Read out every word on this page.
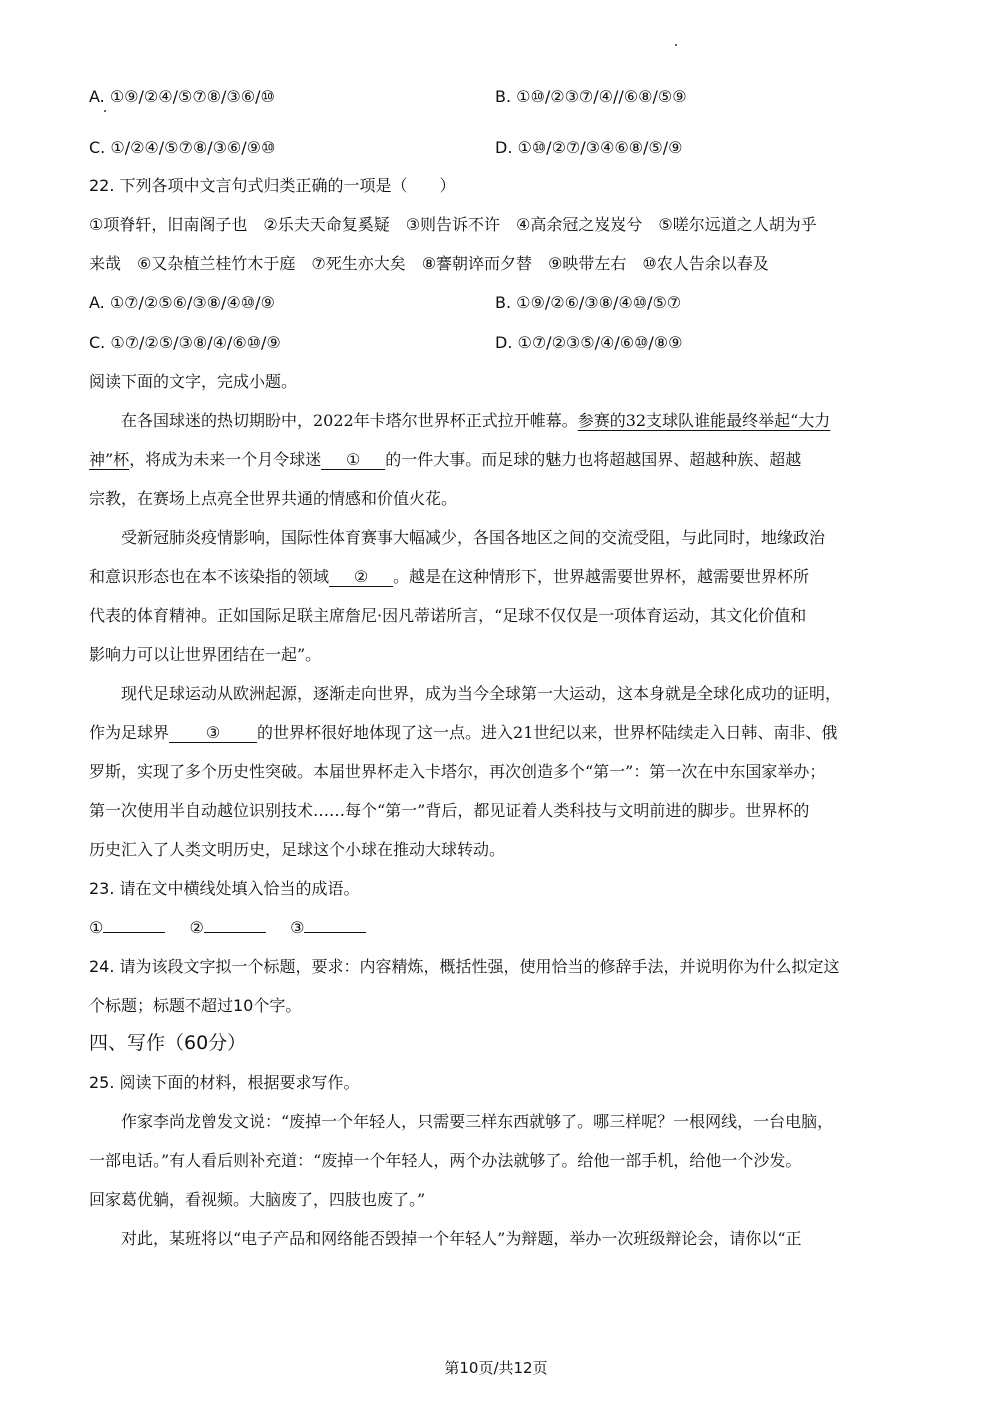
A. ①⑨/②④/⑤⑦⑧/③⑥/⑩	B. ①⑩/②③⑦/④//⑥⑧/⑤⑨
C. ①/②④/⑤⑦⑧/③⑥/⑨⑩	D. ①⑩/②⑦/③④⑥⑧/⑤/⑨
22. 下列各项中文言句式归类正确的一项是（　　）
①项脊轩，旧南阁子也　②乐夫天命复奚疑　③则告诉不许　④高余冠之岌岌兮　⑤嗟尔远道之人胡为乎
来哉　⑥又杂植兰桂竹木于庭　⑦死生亦大矣　⑧謇朝谇而夕替　⑨映带左右　⑩农人告余以春及
A. ①⑦/②⑤⑥/③⑧/④⑩/⑨	B. ①⑨/②⑥/③⑧/④⑩/⑤⑦
C. ①⑦/②⑤/③⑧/④/⑥⑩/⑨	D. ①⑦/②③⑤/④/⑥⑩/⑧⑨
阅读下面的文字，完成小题。
在各国球迷的热切期盼中，2022年卡塔尔世界杯正式拉开帷幕。参赛的32支球队谁能最终举起“大力
神”杯，将成为未来一个月令球迷 ① 的一件大事。而足球的魅力也将超越国界、超越种族、超越
宗教，在赛场上点亮全世界共通的情感和价值火花。
受新冠肺炎疫情影响，国际性体育赛事大幅减少，各国各地区之间的交流受阻，与此同时，地缘政治
和意识形态也在本不该染指的领域 ② 。越是在这种情形下，世界越需要世界杯，越需要世界杯所
代表的体育精神。正如国际足联主席詹尼·因凡蒂诺所言，“足球不仅仅是一项体育运动，其文化价值和
影响力可以让世界团结在一起”。
现代足球运动从欧洲起源，逐渐走向世界，成为当今全球第一大运动，这本身就是全球化成功的证明，
作为足球界 ③ 的世界杯很好地体现了这一点。进入21世纪以来，世界杯陆续走入日韩、南非、俄
罗斯，实现了多个历史性突破。本届世界杯走入卡塔尔，再次创造多个“第一”：第一次在中东国家举办；
第一次使用半自动越位识别技术……每个“第一”背后，都见证着人类科技与文明前进的脚步。世界杯的
历史汇入了人类文明历史，足球这个小球在推动大球转动。
23. 请在文中横线处填入恰当的成语。
①	②	③
24. 请为该段文字拟一个标题，要求：内容精炼，概括性强，使用恰当的修辞手法，并说明你为什么拟定这
个标题；标题不超过10个字。
四、写作（60分）
25. 阅读下面的材料，根据要求写作。
作家李尚龙曾发文说：“废掉一个年轻人，只需要三样东西就够了。哪三样呢？一根网线，一台电脑，
一部电话。”有人看后则补充道：“废掉一个年轻人，两个办法就够了。给他一部手机，给他一个沙发。
回家葛优躺，看视频。大脑废了，四肢也废了。”
对此，某班将以“电子产品和网络能否毁掉一个年轻人”为辩题，举办一次班级辩论会，请你以“正
第10页/共12页
